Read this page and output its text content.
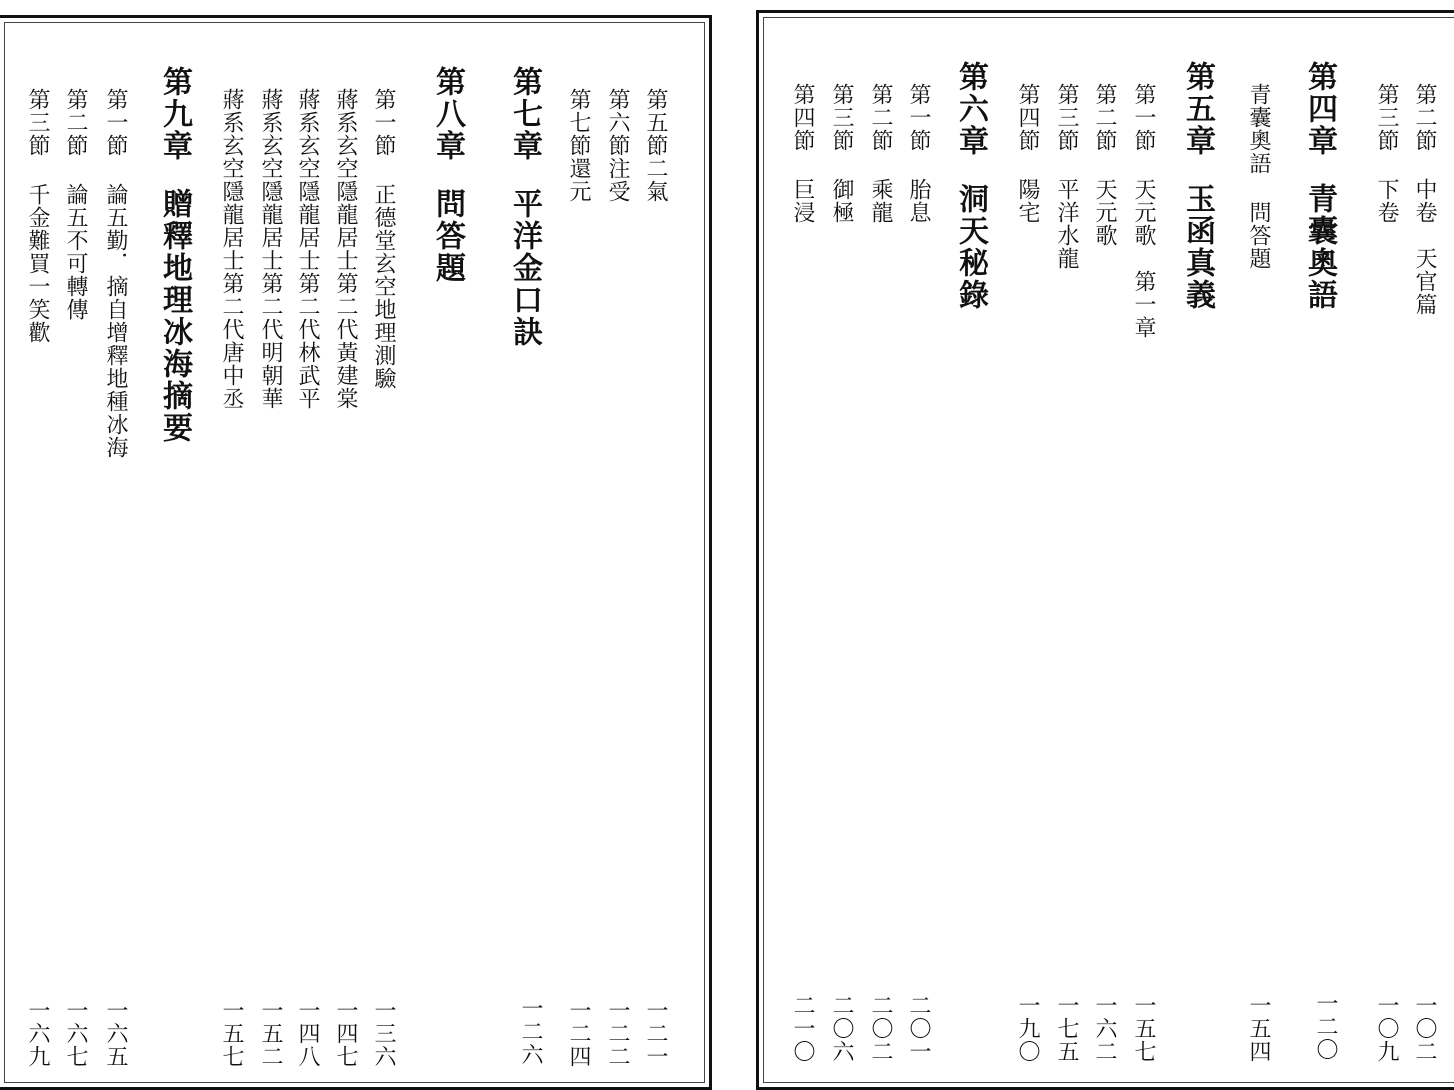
第五節二氣
一二一
第六節注受
一二二
第七節還元
一二四
第七章平洋金口訣
一二六
第八章問答題
第一節正德堂玄空地理測驗
一三六
蔣系玄空隱龍居士第二代黃建棠
一四七
蔣系玄空隱龍居士第二代林武平
一四八
蔣系玄空隱龍居士第二代明朝華
一五二
蔣系玄空隱龍居士第二代唐中丞
一五七
第九章贈釋地理冰海摘要
第一節論五勤．摘自增釋地種冰海
一六五
第二節論五不可轉傳
一六七
第三節千金難買一笑歡
一六九
第二節中卷　天官篇
一〇二
第三節下卷
一〇九
第四章青囊奧語
一二〇
青囊奧語問答題
一五四
第五章玉函真義
第一節天元歌　第一章
一五七
第二節天元歌
一六二
第三節平洋水龍
一七五
第四節陽宅
一九〇
第六章洞天秘錄
第一節胎息
二〇一
第二節乘龍
二〇二
第三節御極
二〇六
第四節巨浸
二一〇
